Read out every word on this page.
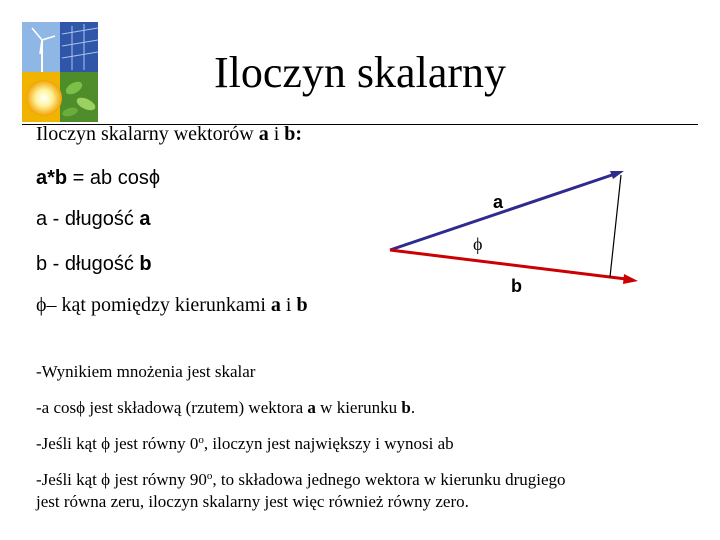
Iloczyn skalarny
Iloczyn skalarny wektorów a i b:
a*b = ab cosϕ
a - długość a
b - długość b
ϕ– kąt pomiędzy kierunkami a i b
a
ϕ
b
-Wynikiem mnożenia jest skalar
-a cosϕ jest składową (rzutem) wektora a w kierunku b.
-Jeśli kąt ϕ jest równy 0$^o$, iloczyn jest największy i wynosi ab
-Jeśli kąt ϕ jest równy 90$^o$, to składowa jednego wektora w kierunku drugiego
jest równa zeru, iloczyn skalarny jest więc również równy zero.
